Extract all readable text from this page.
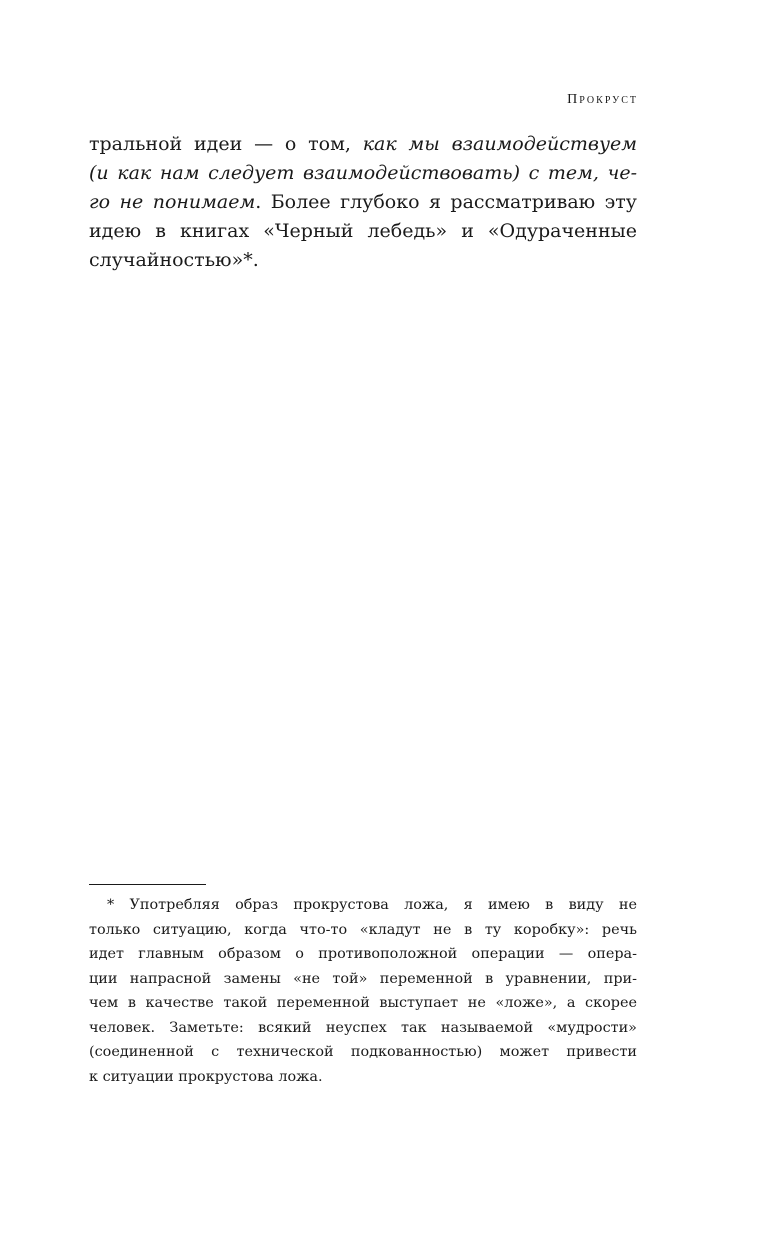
Прокруст

тральной идеи — о том, как мы взаимодействуем
(и как нам следует взаимодействовать) с тем, че-
го не понимаем. Более глубоко я рассматриваю эту
идею в книгах «Черный лебедь» и «Одураченные
случайностью»*.

* Употребляя образ прокрустова ложа, я имею в виду не
только ситуацию, когда что-то «кладут не в ту коробку»: речь
идет главным образом о противоположной операции — опера-
ции напрасной замены «не той» переменной в уравнении, при-
чем в качестве такой переменной выступает не «ложе», а скорее
человек. Заметьте: всякий неуспех так называемой «мудрости»
(соединенной с технической подкованностью) может привести
к ситуации прокрустова ложа.
